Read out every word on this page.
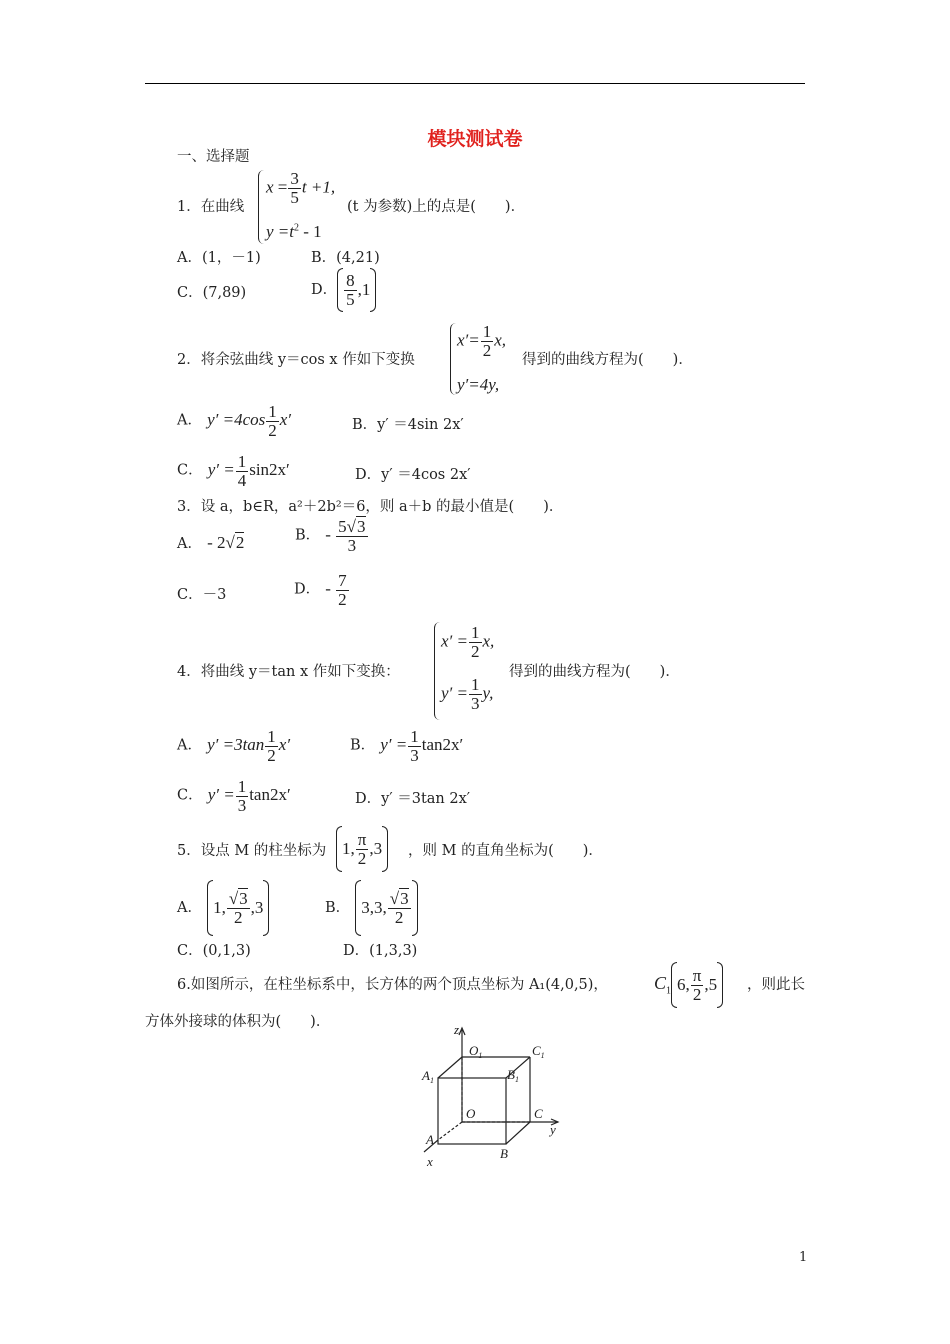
模块测试卷
一、选择题
1．在曲线
$x = \frac{3}{5}$ t +1,
$y =t^2 - 1$
(t 为参数)上的点是(　　)．
A．(1，－1)	B．(4,21)
C．(7,89)	D． $\frac{8}{5} ,1$
2．将余弦曲线 y＝cos x 作如下变换
$x'= \frac{1}{2} x$,
y′=4y,
得到的曲线方程为(　　)．
A． $y' =4\cos \frac{1}{2} x'$	B．y′ ＝4sin 2x′
C． $y' = \frac{1}{4} \sin 2x'$	D．y′ ＝4cos 2x′
3．设 a，b∈R，a²＋2b²＝6，则 a＋b 的最小值是(　　)．
A． - 2√2	B． - $\frac{5√3}{3}$
C．－3	D． - $\frac{7}{2}$
4．将曲线 y＝tan x 作如下变换：
$x' = \frac{1}{2} x$,
$y' = \frac{1}{3} y$,
得到的曲线方程为(　　)．
A． $y' =3\tan \frac{1}{2} x'$	B． $y' = \frac{1}{3} \tan 2x'$
C． $y' = \frac{1}{3} \tan 2x'$	D．y′ ＝3tan 2x′
5．设点 M 的柱坐标为 1, $\frac{\pi}{2} ,3$	，则 M 的直角坐标为(　　)．
A． 1, $\frac{√3}{2} ,3$	B． 3,3, $\frac{√3}{2}$
C．(0,1,3)	D．(1,3,3)
6.如图所示，在柱坐标系中，长方体的两个顶点坐标为 A₁(4,0,5)，	$C_1$ 6, $\frac{\pi}{2} ,5$	，则此长
方体外接球的体积为(　　)．	z
y
x
$O_1$	$C_1$
$A_1$	$B_1$
O	C
A
B
1
